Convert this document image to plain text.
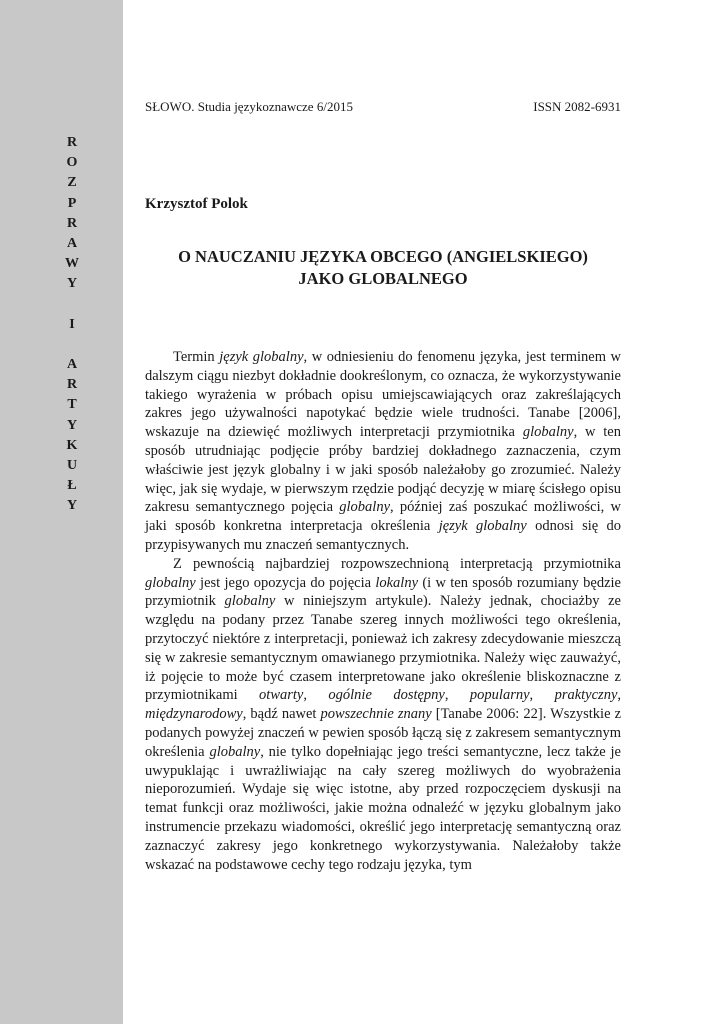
R
O
Z
P
R
A
W
Y
I
A
R
T
Y
K
U
Ł
Y
SŁOWO. Studia językoznawcze 6/2015	ISSN 2082-6931
Krzysztof Polok
O NAUCZANIU JĘZYKA OBCEGO (ANGIELSKIEGO)
JAKO GLOBALNEGO

Termin język globalny, w odniesieniu do fenomenu języka, jest terminem w dalszym ciągu niezbyt dokładnie dookreślonym, co oznacza, że wykorzystywanie takiego wyrażenia w próbach opisu umiejscawiających oraz zakreślających zakres jego używalności napotykać będzie wiele trudności. Tanabe [2006], wskazuje na dziewięć możliwych interpretacji przymiotnika globalny, w ten sposób utrudniając podjęcie próby bardziej dokładnego zaznaczenia, czym właściwie jest język globalny i w jaki sposób należałoby go zrozumieć. Należy więc, jak się wydaje, w pierwszym rzędzie podjąć decyzję w miarę ścisłego opisu zakresu semantycznego pojęcia globalny, później zaś poszukać możliwości, w jaki sposób konkretna interpretacja określenia język globalny odnosi się do przypisywanych mu znaczeń semantycznych.

Z pewnością najbardziej rozpowszechnioną interpretacją przymiotnika globalny jest jego opozycja do pojęcia lokalny (i w ten sposób rozumiany będzie przymiotnik globalny w niniejszym artykule). Należy jednak, chociażby ze względu na podany przez Tanabe szereg innych możliwości tego określenia, przytoczyć niektóre z interpretacji, ponieważ ich zakresy zdecydowanie mieszczą się w zakresie semantycznym omawianego przymiotnika. Należy więc zauważyć, iż pojęcie to może być czasem interpretowane jako określenie bliskoznaczne z przymiotnikami otwarty, ogólnie dostępny, popularny, praktyczny, międzynarodowy, bądź nawet powszechnie znany [Tanabe 2006: 22]. Wszystkie z podanych powyżej znaczeń w pewien sposób łączą się z zakresem semantycznym określenia globalny, nie tylko dopełniając jego treści semantyczne, lecz także je uwypuklając i uwrażliwiając na cały szereg możliwych do wyobrażenia nieporozumień. Wydaje się więc istotne, aby przed rozpoczęciem dyskusji na temat funkcji oraz możliwości, jakie można odnaleźć w języku globalnym jako instrumencie przekazu wiadomości, określić jego interpretację semantyczną oraz zaznaczyć zakresy jego konkretnego wykorzystywania. Należałoby także wskazać na podstawowe cechy tego rodzaju języka, tym
